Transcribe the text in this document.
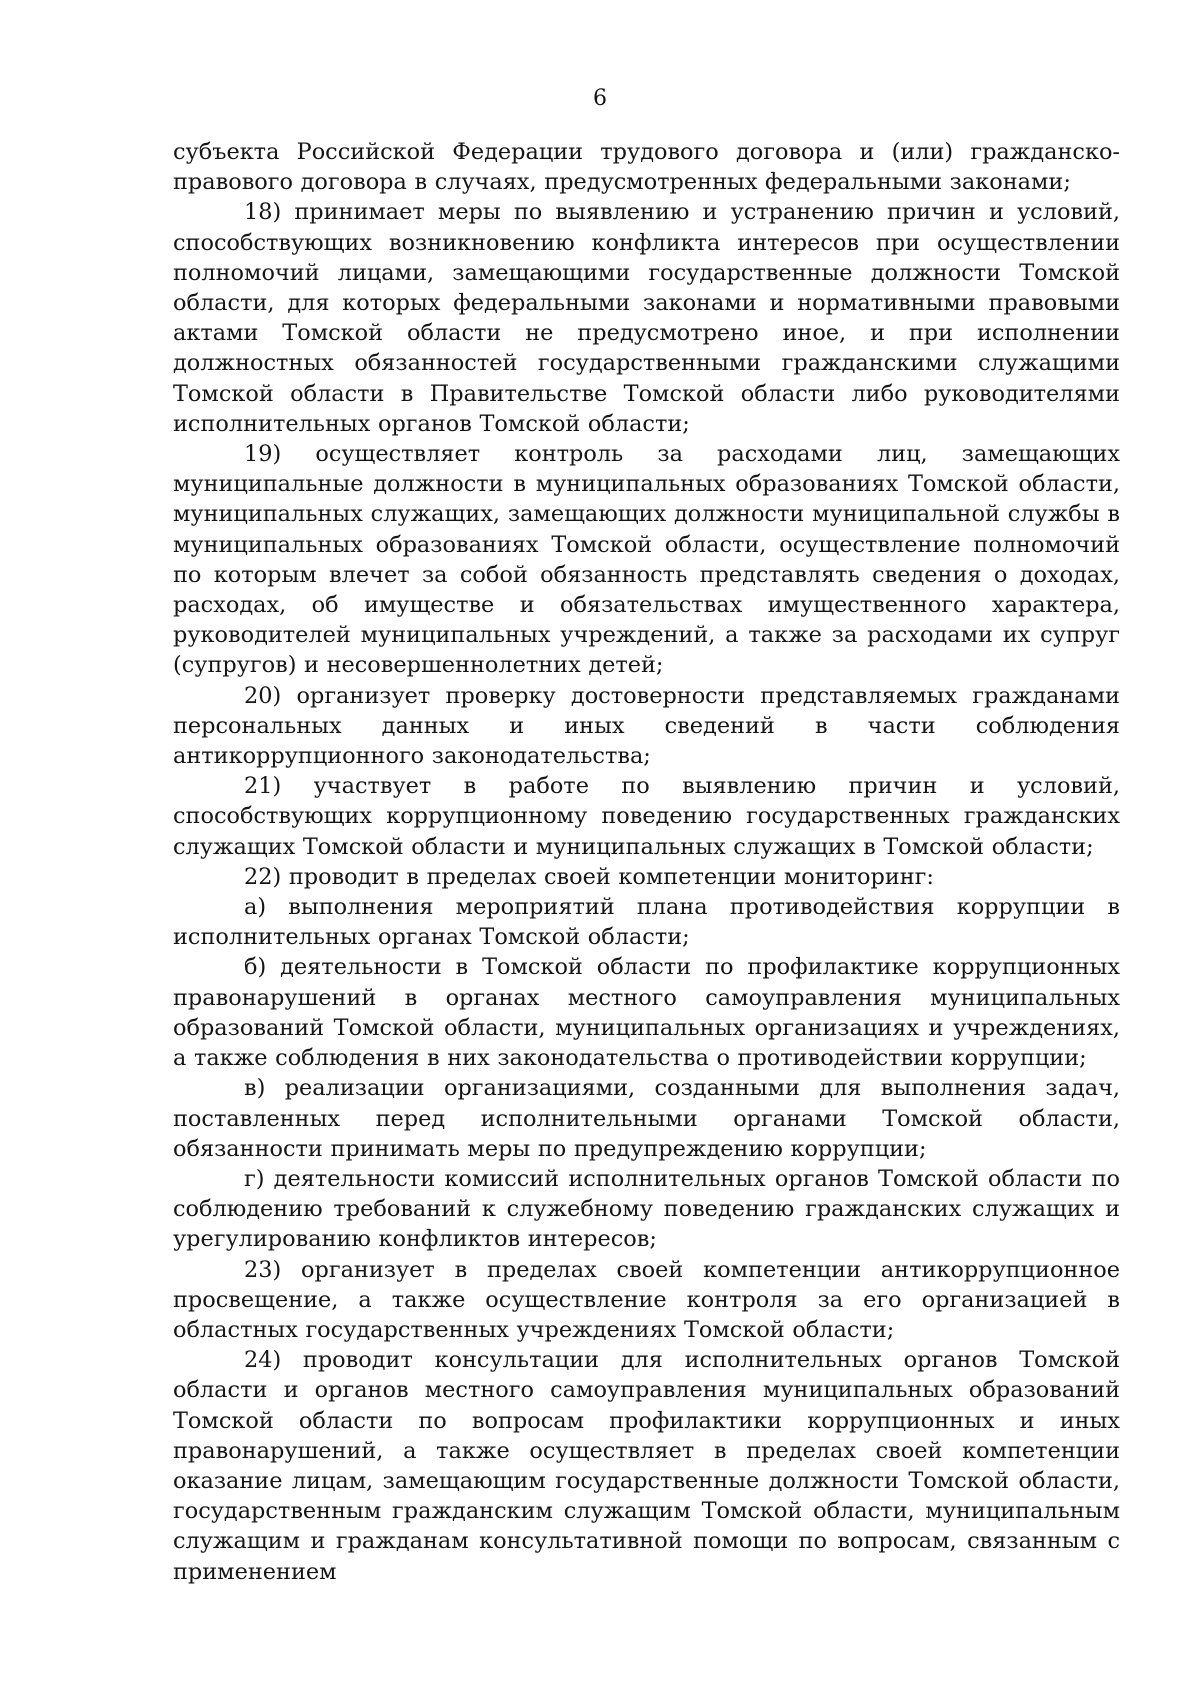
6

субъекта Российской Федерации трудового договора и (или) гражданско-правового договора в случаях, предусмотренных федеральными законами;

18) принимает меры по выявлению и устранению причин и условий, способствующих возникновению конфликта интересов при осуществлении полномочий лицами, замещающими государственные должности Томской области, для которых федеральными законами и нормативными правовыми актами Томской области не предусмотрено иное, и при исполнении должностных обязанностей государственными гражданскими служащими Томской области в Правительстве Томской области либо руководителями исполнительных органов Томской области;

19) осуществляет контроль за расходами лиц, замещающих муниципальные должности в муниципальных образованиях Томской области, муниципальных служащих, замещающих должности муниципальной службы в муниципальных образованиях Томской области, осуществление полномочий по которым влечет за собой обязанность представлять сведения о доходах, расходах, об имуществе и обязательствах имущественного характера, руководителей муниципальных учреждений, а также за расходами их супруг (супругов) и несовершеннолетних детей;

20) организует проверку достоверности представляемых гражданами персональных данных и иных сведений в части соблюдения антикоррупционного законодательства;

21) участвует в работе по выявлению причин и условий, способствующих коррупционному поведению государственных гражданских служащих Томской области и муниципальных служащих в Томской области;

22) проводит в пределах своей компетенции мониторинг:

а) выполнения мероприятий плана противодействия коррупции в исполнительных органах Томской области;

б) деятельности в Томской области по профилактике коррупционных правонарушений в органах местного самоуправления муниципальных образований Томской области, муниципальных организациях и учреждениях, а также соблюдения в них законодательства о противодействии коррупции;

в) реализации организациями, созданными для выполнения задач, поставленных перед исполнительными органами Томской области, обязанности принимать меры по предупреждению коррупции;

г) деятельности комиссий исполнительных органов Томской области по соблюдению требований к служебному поведению гражданских служащих и урегулированию конфликтов интересов;

23) организует в пределах своей компетенции антикоррупционное просвещение, а также осуществление контроля за его организацией в областных государственных учреждениях Томской области;

24) проводит консультации для исполнительных органов Томской области и органов местного самоуправления муниципальных образований Томской области по вопросам профилактики коррупционных и иных правонарушений, а также осуществляет в пределах своей компетенции оказание лицам, замещающим государственные должности Томской области, государственным гражданским служащим Томской области, муниципальным служащим и гражданам консультативной помощи по вопросам, связанным с применением
